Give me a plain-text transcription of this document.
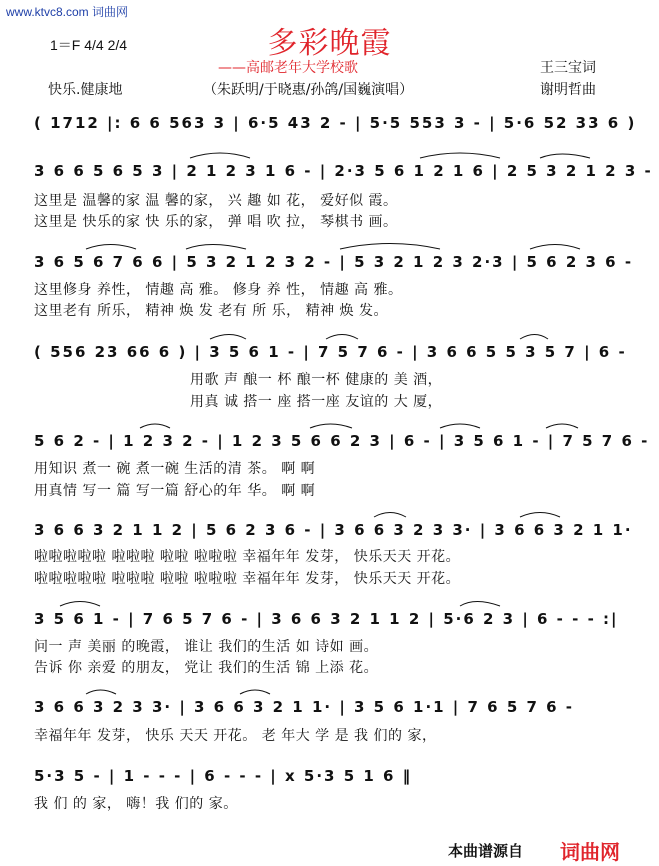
www.ktvc8.com 词曲网
1＝F 4/4 2/4	多彩晚霞
——高邮老年大学校歌	王三宝词
快乐.健康地	（朱跃明/于晓惠/孙鸽/国巍演唱）	谢明哲曲
( 1712 |: 6 6 563 3 | 6·5 43 2 - | 5·5 553 3 - | 5·6 52 33 6 )
3 6 6 5 6 5 3 | 2 1 2 3 1 6 - | 2·3 5 6 1 2 1 6 | 2 5 3 2 1 2 3 -
这里是 温馨的家 温 馨的家， 兴 趣 如 花， 爱好似 霞。
这里是 快乐的家 快 乐的家， 弹 唱 吹 拉， 琴棋书 画。
3 6 5 6 7 6 6 | 5 3 2 1 2 3 2 - | 5 3 2 1 2 3 2·3 | 5 6 2 3 6 -
这里修身 养性， 情趣 高 雅。 修身 养 性， 情趣 高 雅。
这里老有 所乐， 精神 焕 发 老有 所 乐， 精神 焕 发。
( 556 23 66 6 ) | 3 5 6 1 - | 7 5 7 6 - | 3 6 6 5 5 3 5 7 | 6 -
用歌 声 酿一 杯 酿一杯 健康的 美 酒，
用真 诚 搭一 座 搭一座 友谊的 大 厦，
5 6 2 - | 1 2 3 2 - | 1 2 3 5 6 6 2 3 | 6 - | 3 5 6 1 - | 7 5 7 6 -
用知识 煮一 碗 煮一碗 生活的清 茶。 啊 啊
用真情 写一 篇 写一篇 舒心的年 华。 啊 啊
3 6 6 3 2 1 1 2 | 5 6 2 3 6 - | 3 6 6 3 2 3 3· | 3 6 6 3 2 1 1·
啦啦啦啦啦 啦啦啦 啦啦 啦啦啦 幸福年年 发芽， 快乐天天 开花。
啦啦啦啦啦 啦啦啦 啦啦 啦啦啦 幸福年年 发芽， 快乐天天 开花。
3 5 6 1 - | 7 6 5 7 6 - | 3 6 6 3 2 1 1 2 | 5·6 2 3 | 6 - - - :|
问一 声 美丽 的晚霞， 谁让 我们的生活 如 诗如 画。
告诉 你 亲爱 的朋友， 党让 我们的生活 锦 上添 花。
3 6 6 3 2 3 3· | 3 6 6 3 2 1 1· | 3 5 6 1·1 | 7 6 5 7 6 -
幸福年年 发芽， 快乐 天天 开花。 老 年大 学 是 我 们的 家，
5·3 5 - | 1 - - - | 6 - - - | x 5·3 5 1 6 ‖
我 们 的 家， 嗨！我 们的 家。
本曲谱源自 词曲网
